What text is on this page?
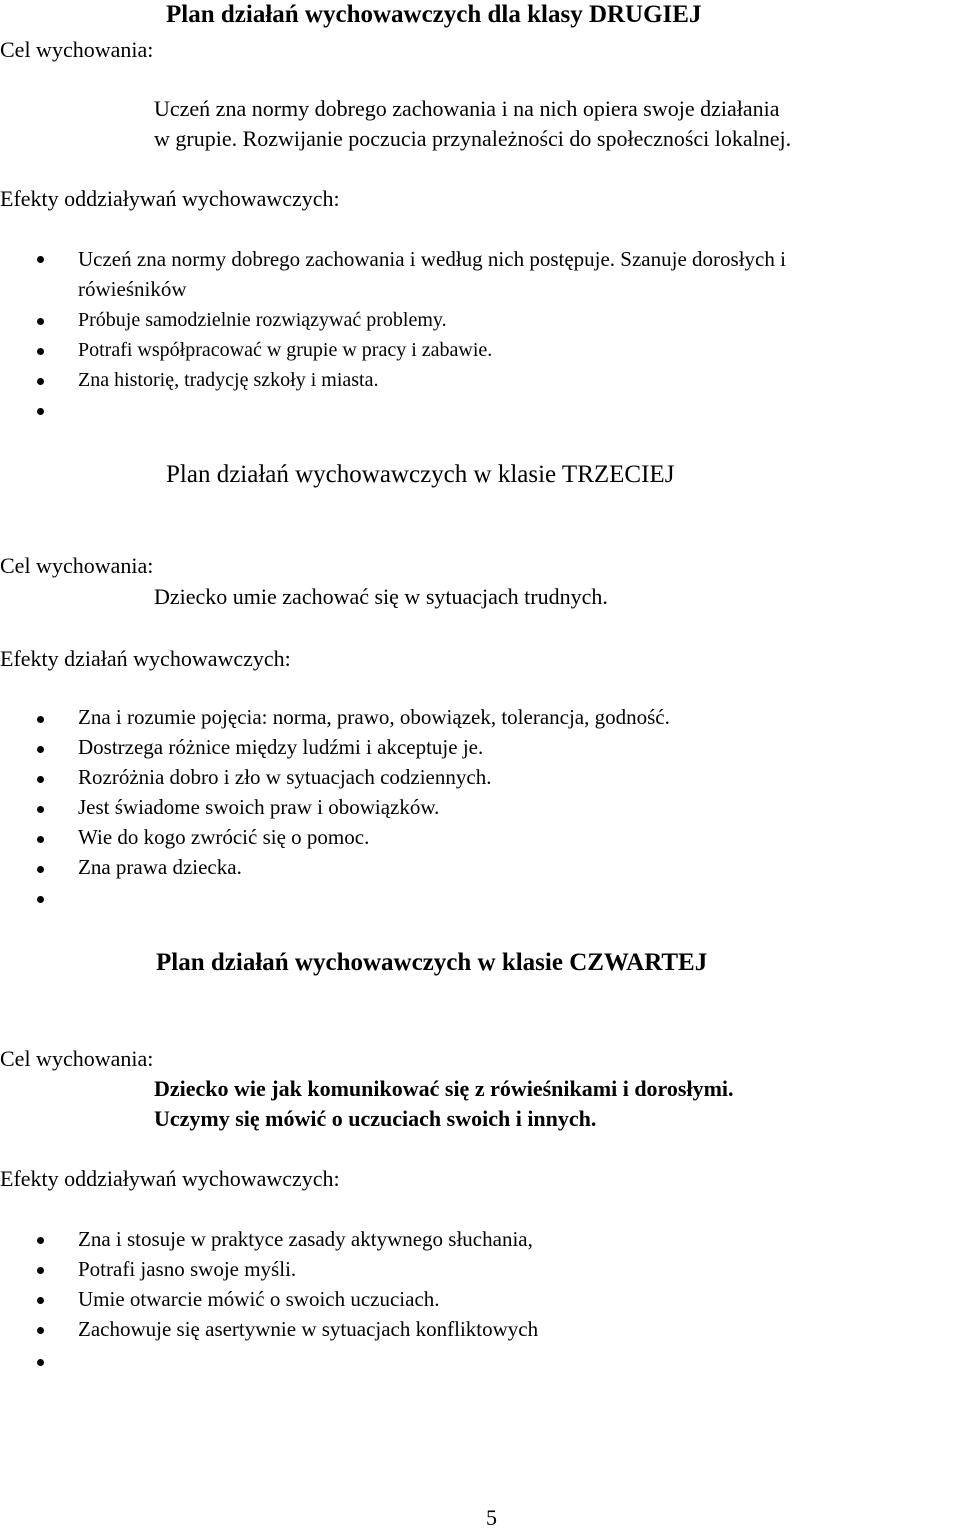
Plan działań wychowawczych dla klasy DRUGIEJ
Cel wychowania:
Uczeń zna normy dobrego zachowania i na nich opiera swoje działania
w grupie. Rozwijanie poczucia przynależności do społeczności lokalnej.
Efekty oddziaływań wychowawczych:
Uczeń zna normy dobrego zachowania i według nich postępuje. Szanuje dorosłych i
rówieśników
Próbuje samodzielnie rozwiązywać problemy.
Potrafi współpracować w grupie w pracy i zabawie.
Zna historię, tradycję szkoły i miasta.
Plan działań wychowawczych w klasie TRZECIEJ
Cel wychowania:
Dziecko umie zachować się w sytuacjach trudnych.
Efekty działań wychowawczych:
Zna i rozumie pojęcia: norma, prawo, obowiązek, tolerancja, godność.
Dostrzega różnice między ludźmi i akceptuje je.
Rozróżnia dobro i zło w sytuacjach codziennych.
Jest świadome swoich praw i obowiązków.
Wie do kogo zwrócić się o pomoc.
Zna prawa dziecka.
Plan działań wychowawczych w klasie CZWARTEJ
Cel wychowania:
Dziecko wie jak komunikować się z rówieśnikami i dorosłymi.
Uczymy się mówić o uczuciach swoich i innych.
Efekty oddziaływań wychowawczych:
Zna i stosuje w praktyce zasady aktywnego słuchania,
Potrafi jasno swoje myśli.
Umie otwarcie mówić o swoich uczuciach.
Zachowuje się asertywnie w sytuacjach konfliktowych
5
